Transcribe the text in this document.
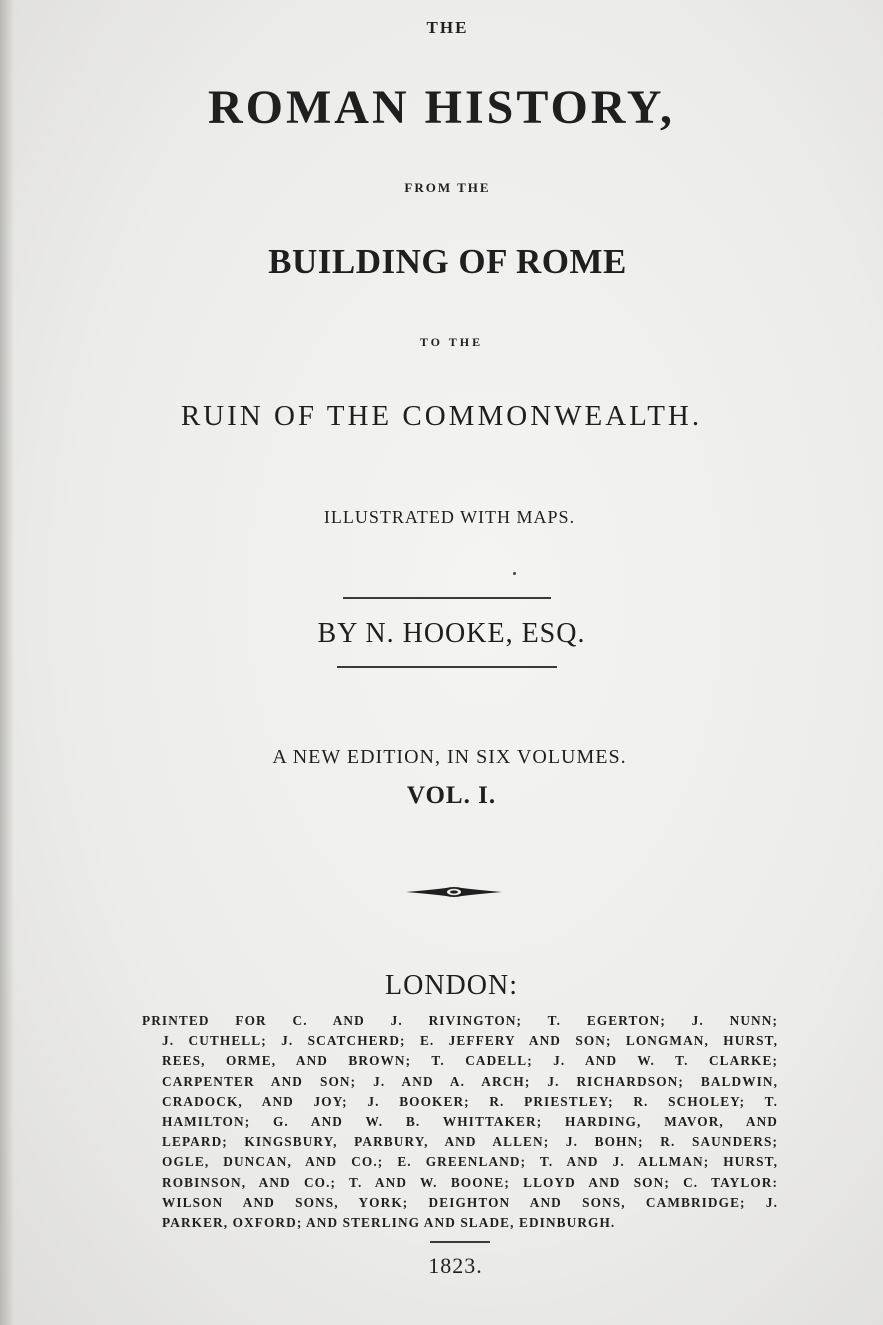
THE
ROMAN HISTORY,
FROM THE
BUILDING OF ROME
TO THE
RUIN OF THE COMMONWEALTH.
ILLUSTRATED WITH MAPS.
BY N. HOOKE, ESQ.
A NEW EDITION, IN SIX VOLUMES.
VOL. I.
LONDON:
PRINTED FOR C. AND J. RIVINGTON; T. EGERTON; J. NUNN;
J. CUTHELL; J. SCATCHERD; E. JEFFERY AND SON; LONGMAN, HURST,
REES, ORME, AND BROWN; T. CADELL; J. AND W. T. CLARKE;
CARPENTER AND SON; J. AND A. ARCH; J. RICHARDSON; BALDWIN,
CRADOCK, AND JOY; J. BOOKER; R. PRIESTLEY; R. SCHOLEY; T.
HAMILTON; G. AND W. B. WHITTAKER; HARDING, MAVOR, AND
LEPARD; KINGSBURY, PARBURY, AND ALLEN; J. BOHN; R. SAUNDERS;
OGLE, DUNCAN, AND CO.; E. GREENLAND; T. AND J. ALLMAN; HURST,
ROBINSON, AND CO.; T. AND W. BOONE; LLOYD AND SON; C. TAYLOR:
WILSON AND SONS, YORK; DEIGHTON AND SONS, CAMBRIDGE; J.
PARKER, OXFORD; AND STERLING AND SLADE, EDINBURGH.
1823.
